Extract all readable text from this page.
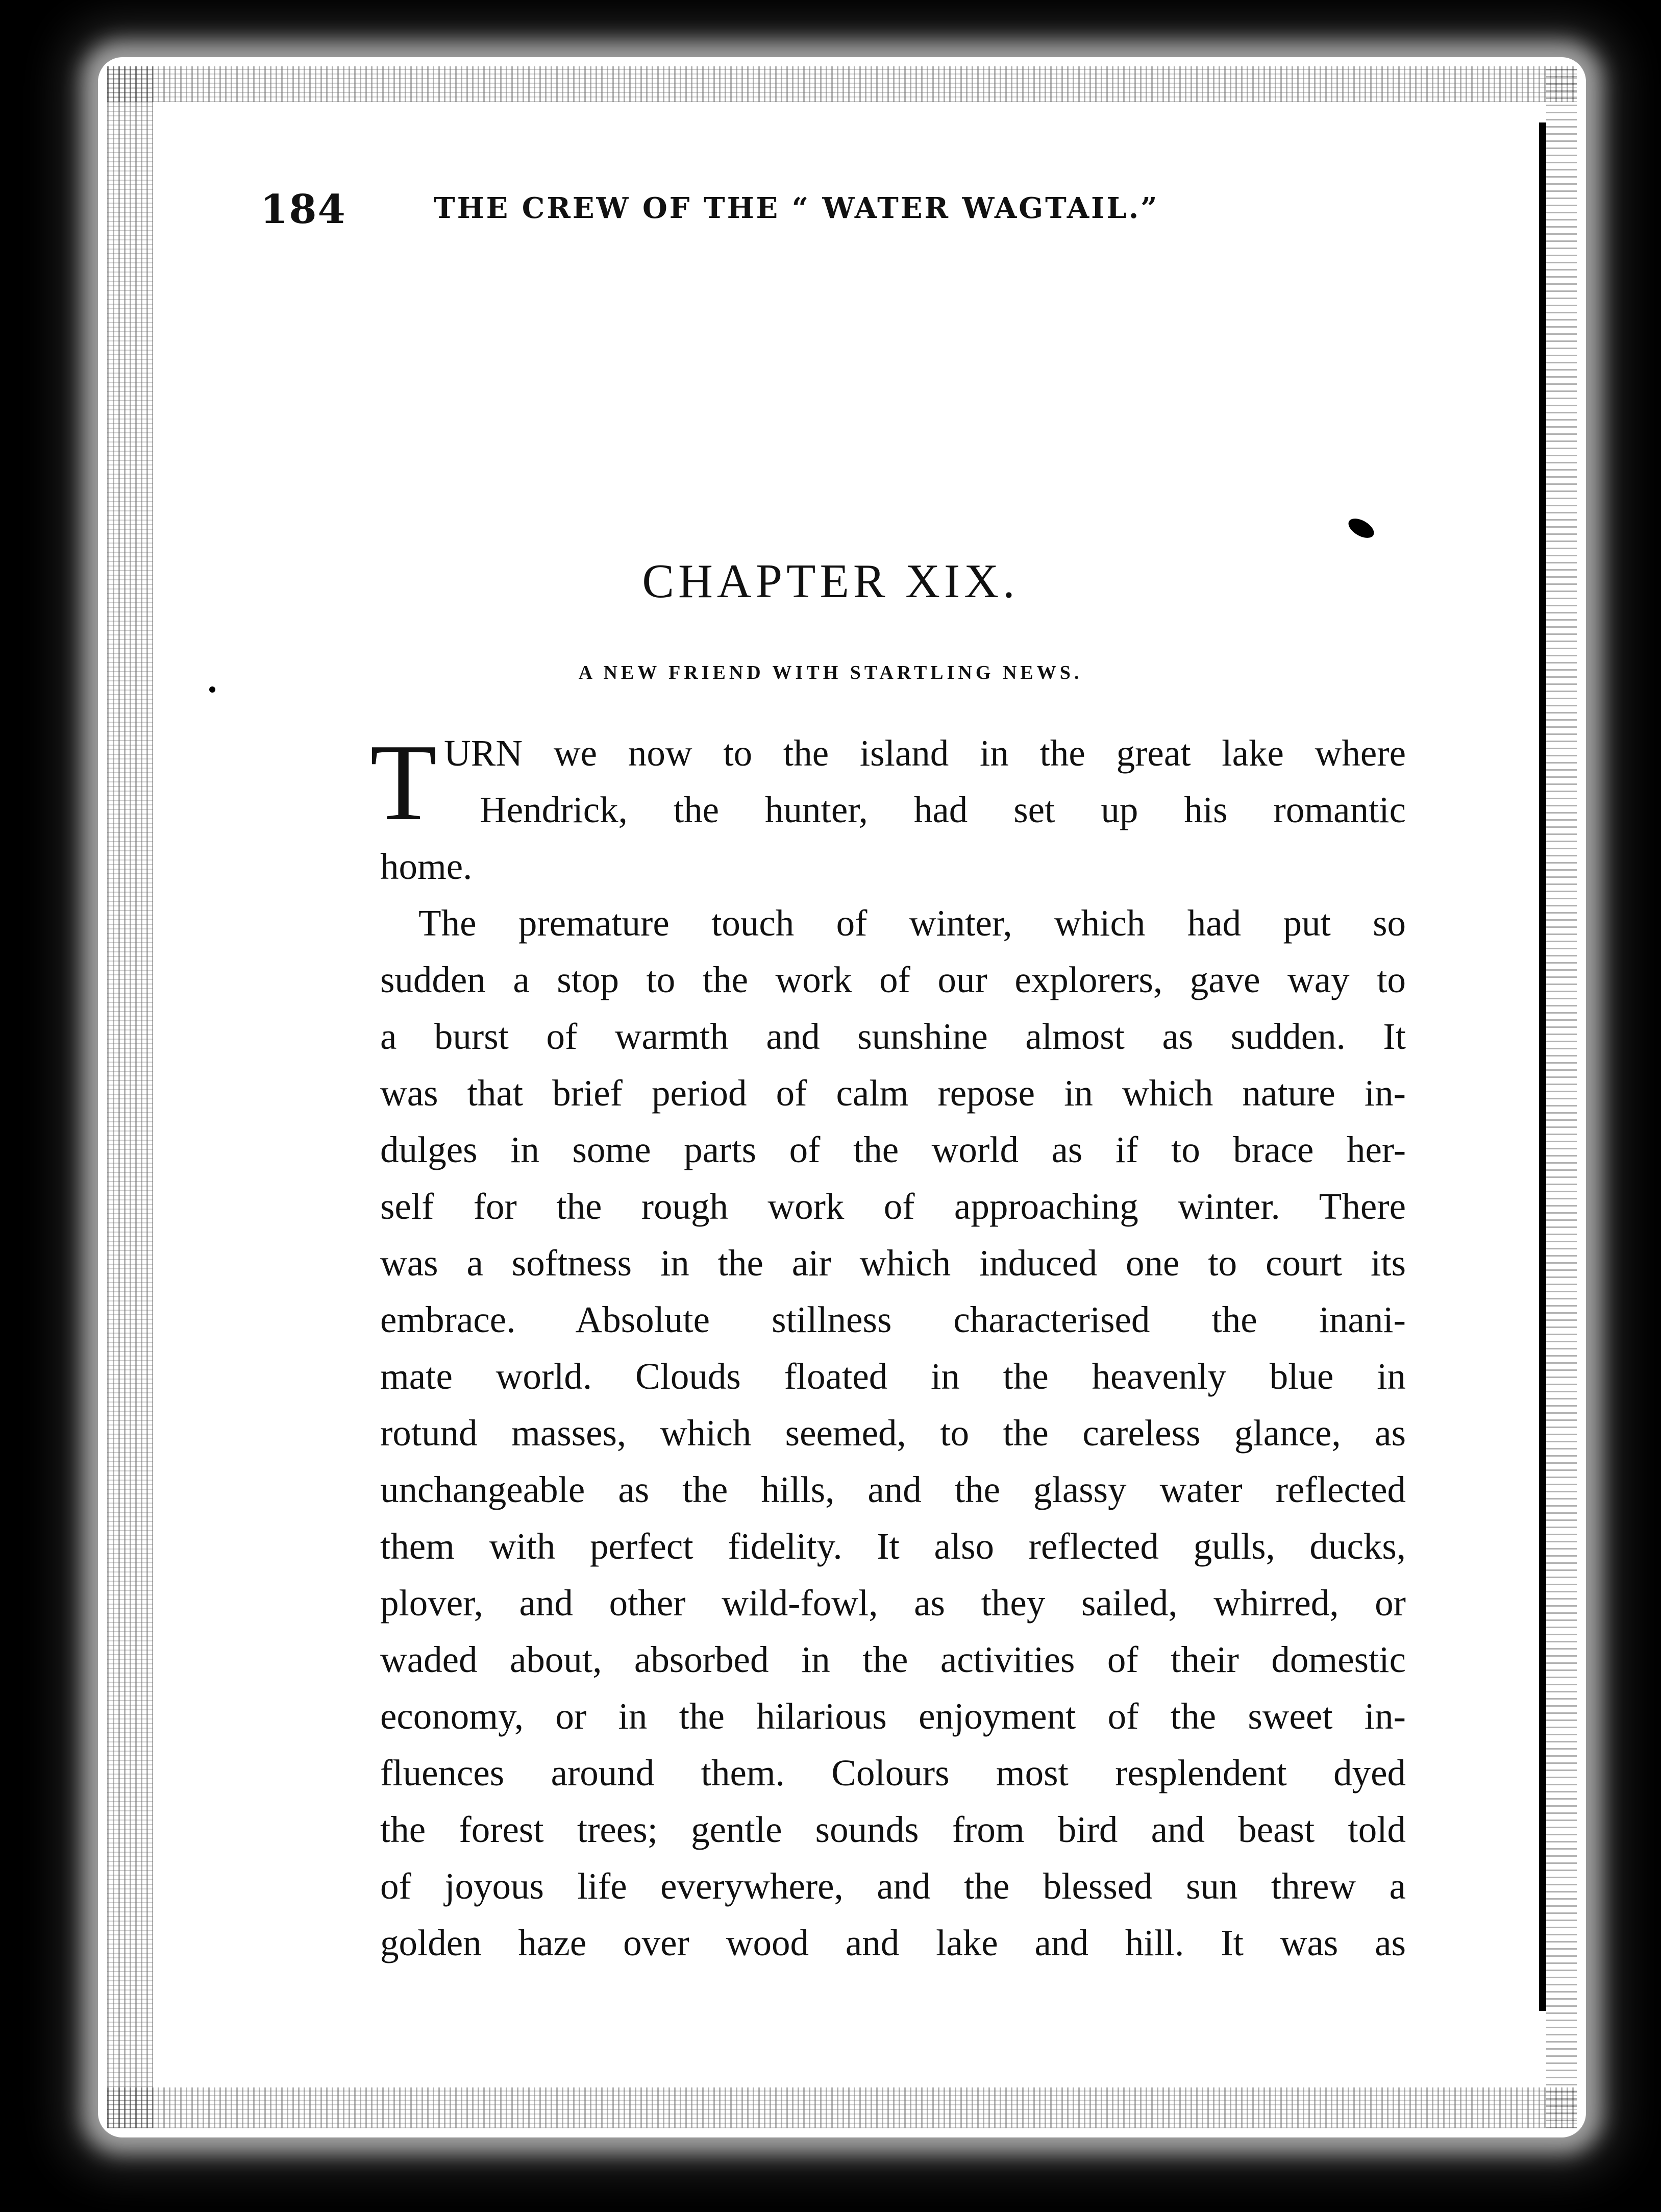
184	THE CREW OF THE “ WATER WAGTAIL.”
CHAPTER XIX.
A NEW FRIEND WITH STARTLING NEWS.
T URN we now to the island in the great lake where
Hendrick, the hunter, had set up his romantic
home.
The premature touch of winter, which had put so
sudden a stop to the work of our explorers, gave way to
a burst of warmth and sunshine almost as sudden. It
was that brief period of calm repose in which nature in-
dulges in some parts of the world as if to brace her-
self for the rough work of approaching winter. There
was a softness in the air which induced one to court its
embrace. Absolute stillness characterised the inani-
mate world. Clouds floated in the heavenly blue in
rotund masses, which seemed, to the careless glance, as
unchangeable as the hills, and the glassy water reflected
them with perfect fidelity. It also reflected gulls, ducks,
plover, and other wild-fowl, as they sailed, whirred, or
waded about, absorbed in the activities of their domestic
economy, or in the hilarious enjoyment of the sweet in-
fluences around them. Colours most resplendent dyed
the forest trees; gentle sounds from bird and beast told
of joyous life everywhere, and the blessed sun threw a
golden haze over wood and lake and hill. It was as
